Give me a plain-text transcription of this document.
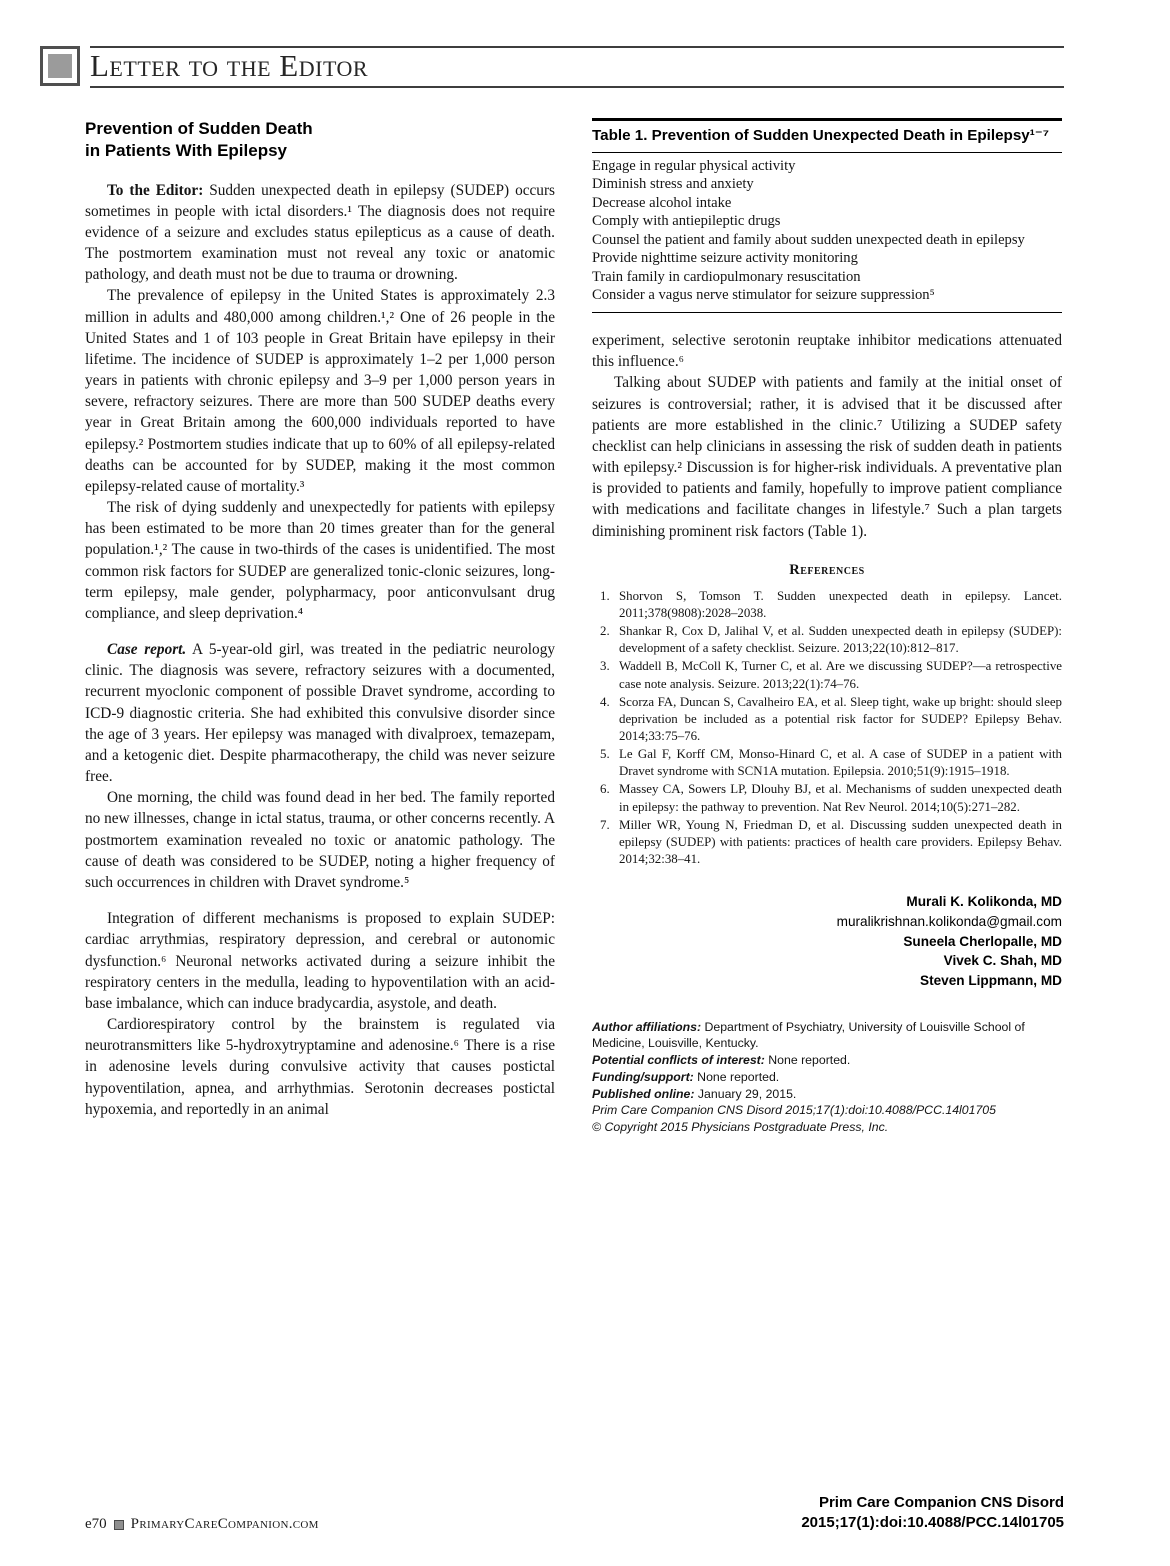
Letter to the Editor
Prevention of Sudden Death
in Patients With Epilepsy

To the Editor: Sudden unexpected death in epilepsy (SUDEP) occurs sometimes in people with ictal disorders.¹ The diagnosis does not require evidence of a seizure and excludes status epilepticus as a cause of death. The postmortem examination must not reveal any toxic or anatomic pathology, and death must not be due to trauma or drowning.

The prevalence of epilepsy in the United States is approximately 2.3 million in adults and 480,000 among children.¹,² One of 26 people in the United States and 1 of 103 people in Great Britain have epilepsy in their lifetime. The incidence of SUDEP is approximately 1–2 per 1,000 person years in patients with chronic epilepsy and 3–9 per 1,000 person years in severe, refractory seizures. There are more than 500 SUDEP deaths every year in Great Britain among the 600,000 individuals reported to have epilepsy.² Postmortem studies indicate that up to 60% of all epilepsy-related deaths can be accounted for by SUDEP, making it the most common epilepsy-related cause of mortality.³

The risk of dying suddenly and unexpectedly for patients with epilepsy has been estimated to be more than 20 times greater than for the general population.¹,² The cause in two-thirds of the cases is unidentified. The most common risk factors for SUDEP are generalized tonic-clonic seizures, long-term epilepsy, male gender, polypharmacy, poor anticonvulsant drug compliance, and sleep deprivation.⁴

Case report. A 5-year-old girl, was treated in the pediatric neurology clinic. The diagnosis was severe, refractory seizures with a documented, recurrent myoclonic component of possible Dravet syndrome, according to ICD-9 diagnostic criteria. She had exhibited this convulsive disorder since the age of 3 years. Her epilepsy was managed with divalproex, temazepam, and a ketogenic diet. Despite pharmacotherapy, the child was never seizure free.

One morning, the child was found dead in her bed. The family reported no new illnesses, change in ictal status, trauma, or other concerns recently. A postmortem examination revealed no toxic or anatomic pathology. The cause of death was considered to be SUDEP, noting a higher frequency of such occurrences in children with Dravet syndrome.⁵

Integration of different mechanisms is proposed to explain SUDEP: cardiac arrythmias, respiratory depression, and cerebral or autonomic dysfunction.⁶ Neuronal networks activated during a seizure inhibit the respiratory centers in the medulla, leading to hypoventilation with an acid-base imbalance, which can induce bradycardia, asystole, and death.

Cardiorespiratory control by the brainstem is regulated via neurotransmitters like 5-hydroxytryptamine and adenosine.⁶ There is a rise in adenosine levels during convulsive activity that causes postictal hypoventilation, apnea, and arrhythmias. Serotonin decreases postictal hypoxemia, and reportedly in an animal

Table 1. Prevention of Sudden Unexpected Death in Epilepsy¹⁻⁷
Engage in regular physical activity
Diminish stress and anxiety
Decrease alcohol intake
Comply with antiepileptic drugs
Counsel the patient and family about sudden unexpected death in epilepsy
Provide nighttime seizure activity monitoring
Train family in cardiopulmonary resuscitation
Consider a vagus nerve stimulator for seizure suppression⁵

experiment, selective serotonin reuptake inhibitor medications attenuated this influence.⁶

Talking about SUDEP with patients and family at the initial onset of seizures is controversial; rather, it is advised that it be discussed after patients are more established in the clinic.⁷ Utilizing a SUDEP safety checklist can help clinicians in assessing the risk of sudden death in patients with epilepsy.² Discussion is for higher-risk individuals. A preventative plan is provided to patients and family, hopefully to improve patient compliance with medications and facilitate changes in lifestyle.⁷ Such a plan targets diminishing prominent risk factors (Table 1).

References
Shorvon S, Tomson T. Sudden unexpected death in epilepsy. Lancet. 2011;378(9808):2028–2038.
Shankar R, Cox D, Jalihal V, et al. Sudden unexpected death in epilepsy (SUDEP): development of a safety checklist. Seizure. 2013;22(10):812–817.
Waddell B, McColl K, Turner C, et al. Are we discussing SUDEP?—a retrospective case note analysis. Seizure. 2013;22(1):74–76.
Scorza FA, Duncan S, Cavalheiro EA, et al. Sleep tight, wake up bright: should sleep deprivation be included as a potential risk factor for SUDEP? Epilepsy Behav. 2014;33:75–76.
Le Gal F, Korff CM, Monso-Hinard C, et al. A case of SUDEP in a patient with Dravet syndrome with SCN1A mutation. Epilepsia. 2010;51(9):1915–1918.
Massey CA, Sowers LP, Dlouhy BJ, et al. Mechanisms of sudden unexpected death in epilepsy: the pathway to prevention. Nat Rev Neurol. 2014;10(5):271–282.
Miller WR, Young N, Friedman D, et al. Discussing sudden unexpected death in epilepsy (SUDEP) with patients: practices of health care providers. Epilepsy Behav. 2014;32:38–41.
Murali K. Kolikonda, MD
muralikrishnan.kolikonda@gmail.com
Suneela Cherlopalle, MD
Vivek C. Shah, MD
Steven Lippmann, MD
Author affiliations: Department of Psychiatry, University of Louisville School of Medicine, Louisville, Kentucky.
Potential conflicts of interest: None reported.
Funding/support: None reported.
Published online: January 29, 2015.
Prim Care Companion CNS Disord 2015;17(1):doi:10.4088/PCC.14l01705
© Copyright 2015 Physicians Postgraduate Press, Inc.
e70 PrimaryCareCompanion.com
Prim Care Companion CNS Disord
2015;17(1):doi:10.4088/PCC.14l01705
